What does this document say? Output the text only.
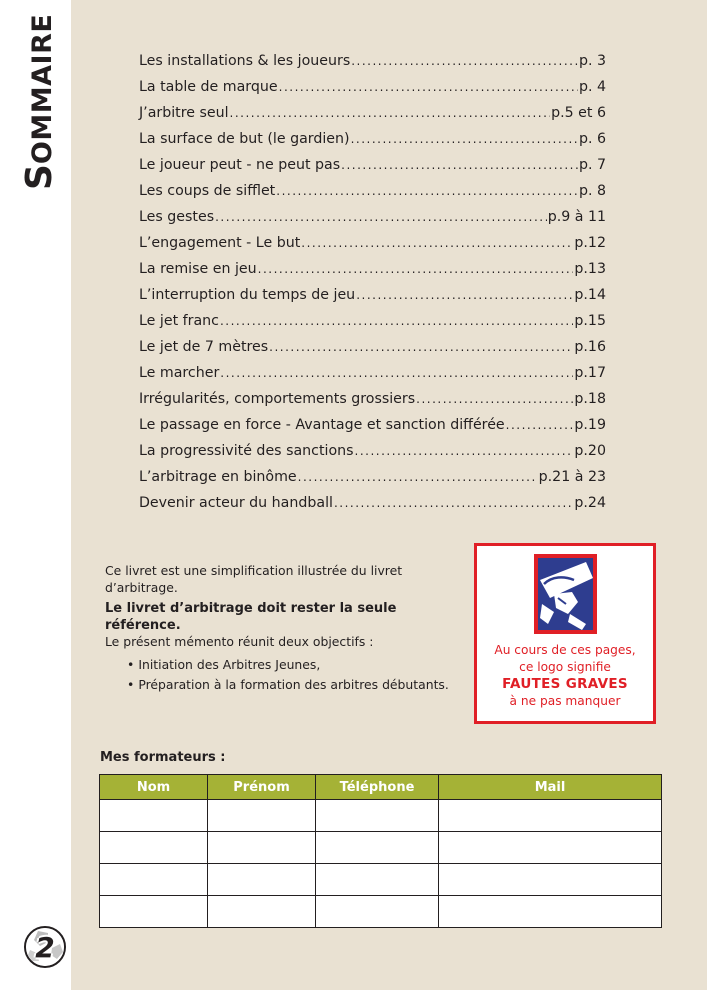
SOMMAIRE
2
Les installations & les joueurs .....	p. 3
La table de marque .....	p. 4
J’arbitre seul .....	p.5 et 6
La surface de but (le gardien) .....	p. 6
Le joueur peut - ne peut pas .....	p. 7
Les coups de sifflet .....	p. 8
Les gestes .....	p.9 à 11
L’engagement - Le but .....	p.12
La remise en jeu .....	p.13
L’interruption du temps de jeu .....	p.14
Le jet franc .....	p.15
Le jet de 7 mètres .....	p.16
Le marcher .....	p.17
Irrégularités, comportements grossiers .....	p.18
Le passage en force - Avantage et sanction différée .....	p.19
La progressivité des sanctions .....	p.20
L’arbitrage en binôme .....	p.21 à 23
Devenir acteur du handball .....	p.24

Ce livret est une simplification illustrée du livret d’arbitrage.

Le livret d’arbitrage doit rester la seule référence.

Le présent mémento réunit deux objectifs :

• Initiation des Arbitres Jeunes,
• Préparation à la formation des arbitres débutants.
Au cours de ces pages,
ce logo signifie
FAUTES GRAVES
à ne pas manquer
Mes formateurs :
Nom	Prénom	Téléphone	Mail
